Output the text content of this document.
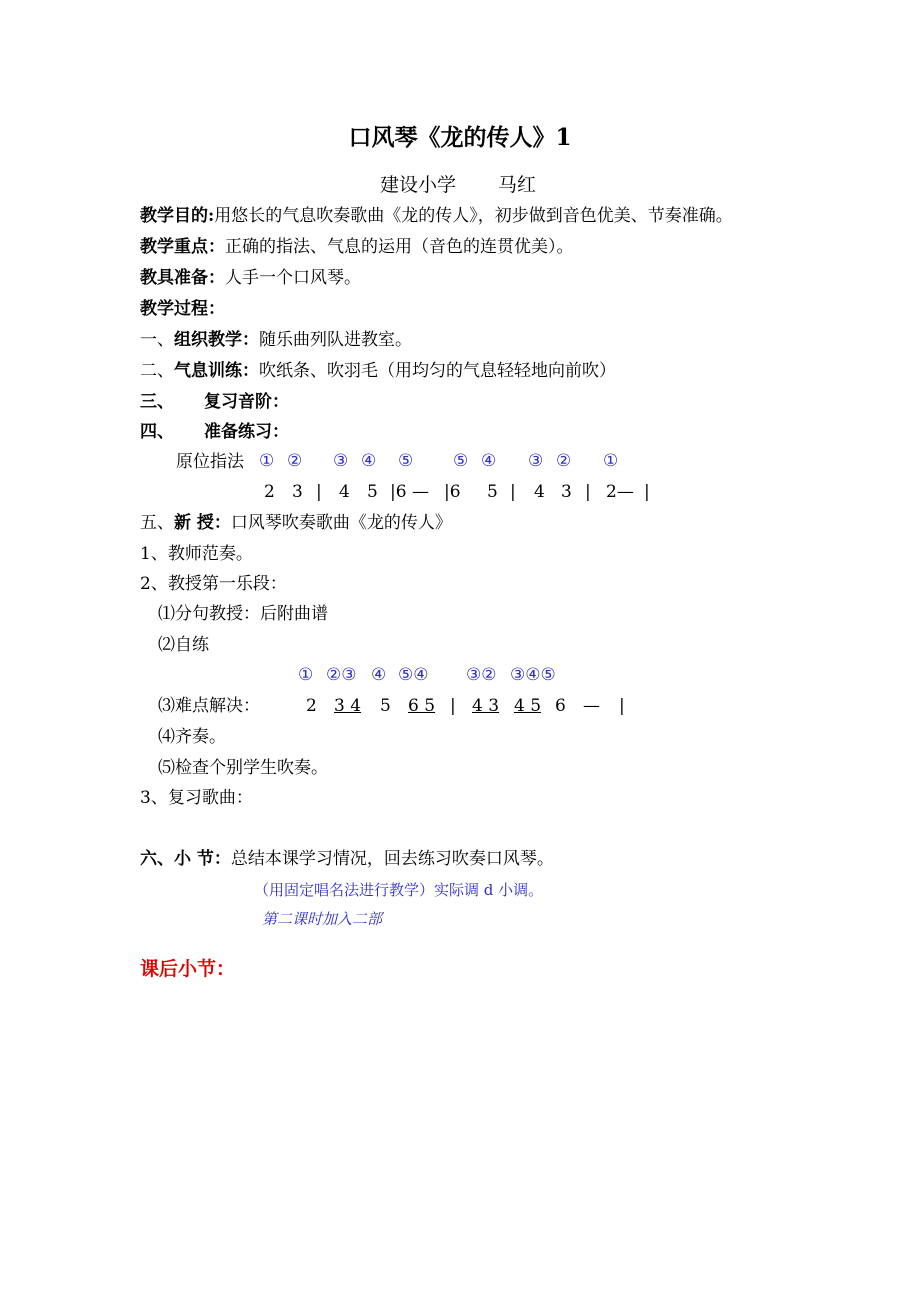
口风琴《龙的传人》1
建设小学 马红
教学目的:用悠长的气息吹奏歌曲《龙的传人》，初步做到音色优美、节奏准确。
教学重点：正确的指法、气息的运用（音色的连贯优美）。
教具准备：人手一个口风琴。
教学过程：
一、组织教学：随乐曲列队进教室。
二、气息训练：吹纸条、吹羽毛（用均匀的气息轻轻地向前吹）
三、 复习音阶：
四、 准备练习：
原位指法 ① ② ③ ④ ⑤ ⑤ ④ ③ ② ①
2 3 | 4 5 |6 — |6 5 | 4 3 | 2— |
五、新 授：口风琴吹奏歌曲《龙的传人》
1、教师范奏。
2、教授第一乐段：
⑴分句教授：后附曲谱
⑵自练
① ②③ ④ ⑤④ ③② ③④⑤
⑶难点解决：	2 3 4 5 6 5 | 4 3 4 5 6 — |
⑷齐奏。
⑸检查个别学生吹奏。
3、复习歌曲：
六、小 节：总结本课学习情况，回去练习吹奏口风琴。
（用固定唱名法进行教学）实际调 d 小调。
第二课时加入二部
课后小节：
